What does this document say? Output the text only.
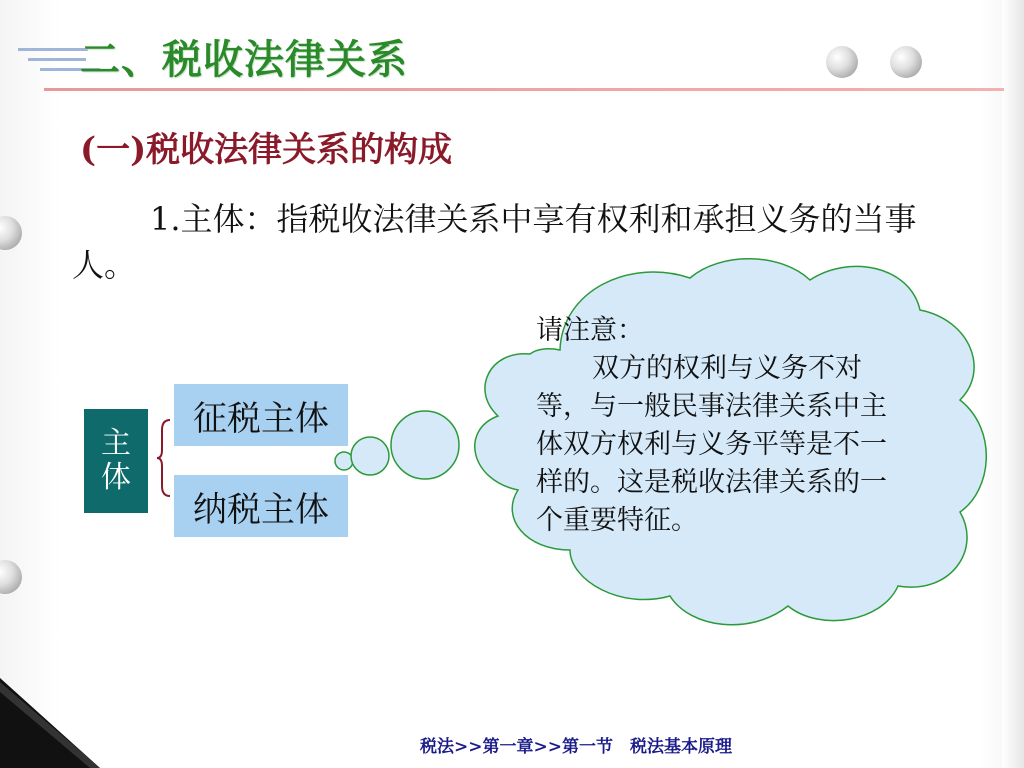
二、税收法律关系
(一)税收法律关系的构成

1.主体：指税收法律关系中享有权利和承担义务的当事人。

主
体
征税主体
纳税主体
请注意：
双方的权利与义务不对等，与一般民事法律关系中主体双方权利与义务平等是不一样的。这是税收法律关系的一个重要特征。

税法>>第一章>>第一节　税法基本原理
